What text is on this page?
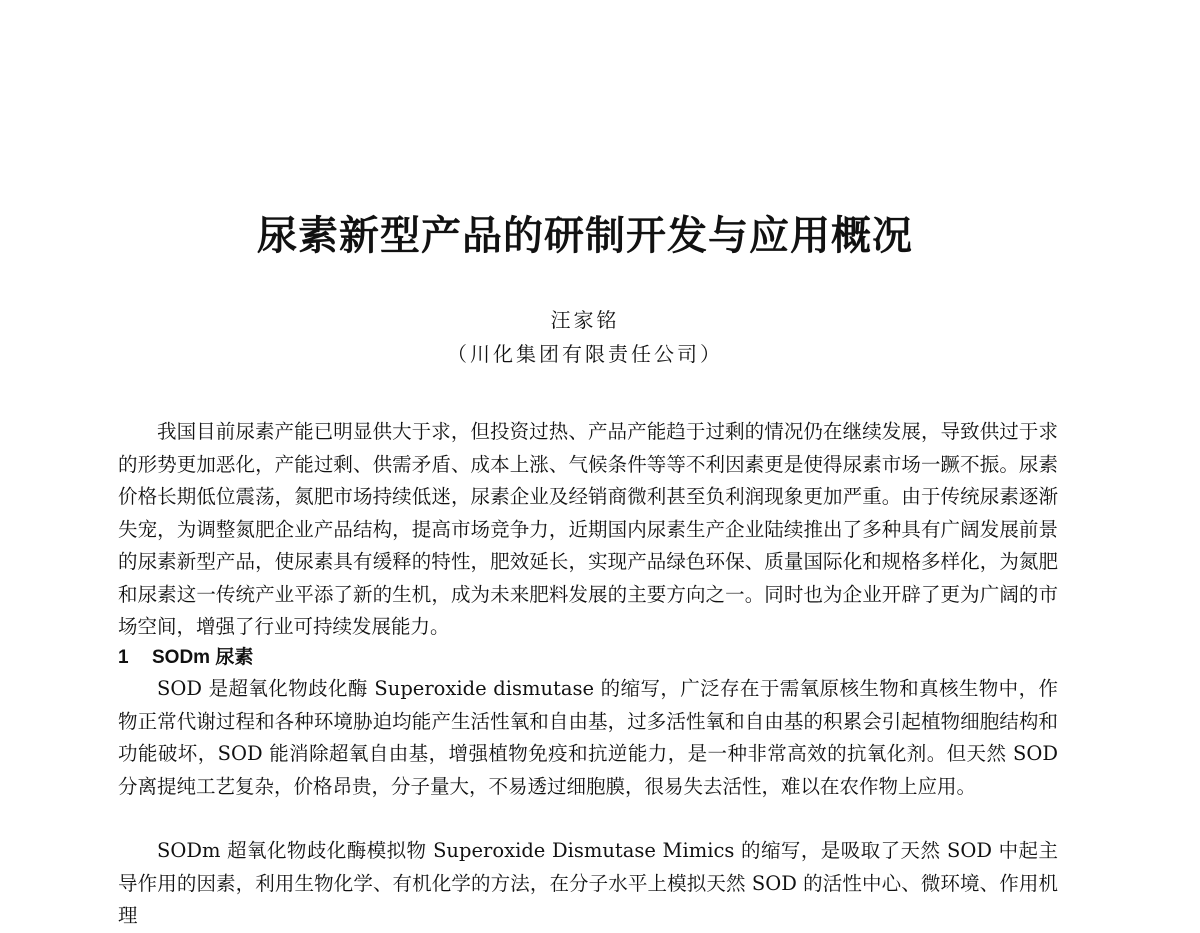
尿素新型产品的研制开发与应用概况
汪家铭
（川化集团有限责任公司）

我国目前尿素产能已明显供大于求，但投资过热、产品产能趋于过剩的情况仍在继续发展，导致供过于求的形势更加恶化，产能过剩、供需矛盾、成本上涨、气候条件等等不利因素更是使得尿素市场一蹶不振。尿素价格长期低位震荡，氮肥市场持续低迷，尿素企业及经销商微利甚至负利润现象更加严重。由于传统尿素逐渐失宠，为调整氮肥企业产品结构，提高市场竞争力，近期国内尿素生产企业陆续推出了多种具有广阔发展前景的尿素新型产品，使尿素具有缓释的特性，肥效延长，实现产品绿色环保、质量国际化和规格多样化，为氮肥和尿素这一传统产业平添了新的生机，成为未来肥料发展的主要方向之一。同时也为企业开辟了更为广阔的市场空间，增强了行业可持续发展能力。

1 SODm 尿素

SOD 是超氧化物歧化酶 Superoxide dismutase 的缩写，广泛存在于需氧原核生物和真核生物中，作物正常代谢过程和各种环境胁迫均能产生活性氧和自由基，过多活性氧和自由基的积累会引起植物细胞结构和功能破坏，SOD 能消除超氧自由基，增强植物免疫和抗逆能力，是一种非常高效的抗氧化剂。但天然 SOD 分离提纯工艺复杂，价格昂贵，分子量大，不易透过细胞膜，很易失去活性，难以在农作物上应用。

SODm 超氧化物歧化酶模拟物 Superoxide Dismutase Mimics 的缩写，是吸取了天然 SOD 中起主导作用的因素，利用生物化学、有机化学的方法，在分子水平上模拟天然 SOD 的活性中心、微环境、作用机理
